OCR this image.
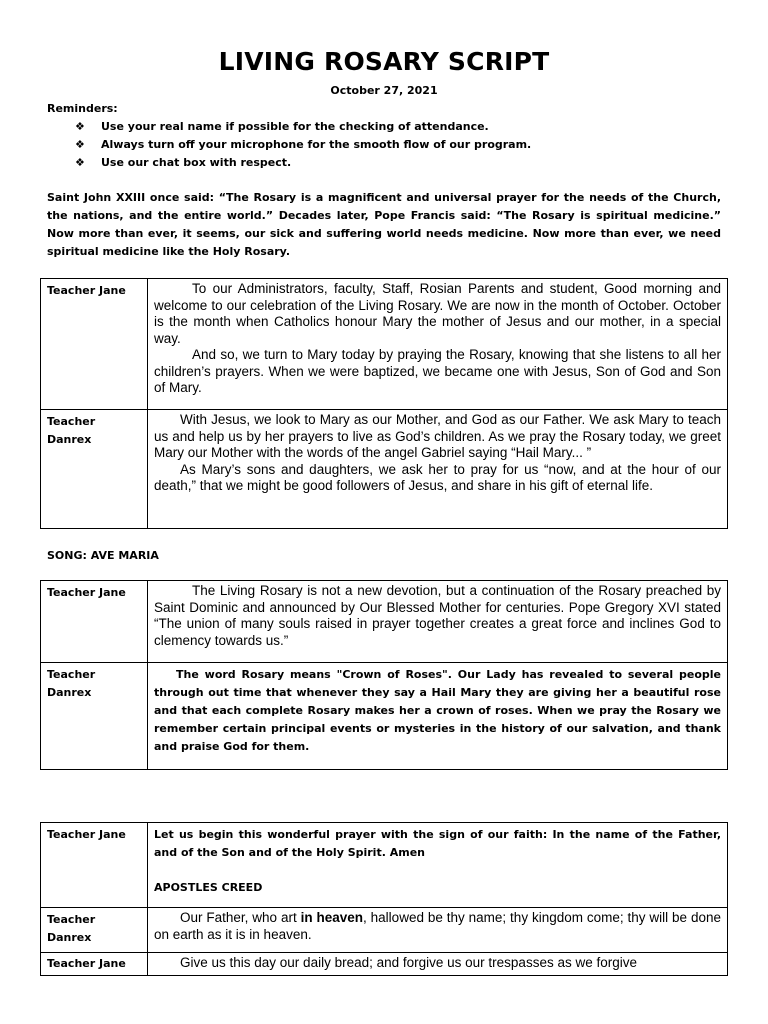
LIVING ROSARY SCRIPT
October 27, 2021
Reminders:
❖ Use your real name if possible for the checking of attendance.
❖ Always turn off your microphone for the smooth flow of our program.
❖ Use our chat box with respect.
Saint John XXIII once said: “The Rosary is a magnificent and universal prayer for the needs of the Church, the nations, and the entire world.” Decades later, Pope Francis said: “The Rosary is spiritual medicine.” Now more than ever, it seems, our sick and suffering world needs medicine. Now more than ever, we need spiritual medicine like the Holy Rosary.
Teacher Jane	To our Administrators, faculty, Staff, Rosian Parents and student, Good morning and welcome to our celebration of the Living Rosary. We are now in the month of October. October is the month when Catholics honour Mary the mother of Jesus and our mother, in a special way.

And so, we turn to Mary today by praying the Rosary, knowing that she listens to all her children’s prayers. When we were baptized, we became one with Jesus, Son of God and Son of Mary.

Teacher Danrex	With Jesus, we look to Mary as our Mother, and God as our Father. We ask Mary to teach us and help us by her prayers to live as God’s children. As we pray the Rosary today, we greet Mary our Mother with the words of the angel Gabriel saying “Hail Mary... ”

As Mary’s sons and daughters, we ask her to pray for us “now, and at the hour of our death,” that we might be good followers of Jesus, and share in his gift of eternal life.

SONG: AVE MARIA
Teacher Jane	The Living Rosary is not a new devotion, but a continuation of the Rosary preached by Saint Dominic and announced by Our Blessed Mother for centuries. Pope Gregory XVI stated “The union of many souls raised in prayer together creates a great force and inclines God to clemency towards us.”

Teacher Danrex	The word Rosary means "Crown of Roses". Our Lady has revealed to several people through out time that whenever they say a Hail Mary they are giving her a beautiful rose and that each complete Rosary makes her a crown of roses. When we pray the Rosary we remember certain principal events or mysteries in the history of our salvation, and thank and praise God for them.

Teacher Jane	Let us begin this wonderful prayer with the sign of our faith: In the name of the Father, and of the Son and of the Holy Spirit. Amen

APOSTLES CREED

Teacher Danrex	Our Father, who art in heaven, hallowed be thy name; thy kingdom come; thy will be done on earth as it is in heaven.

Teacher Jane	Give us this day our daily bread; and forgive us our trespasses as we forgive
